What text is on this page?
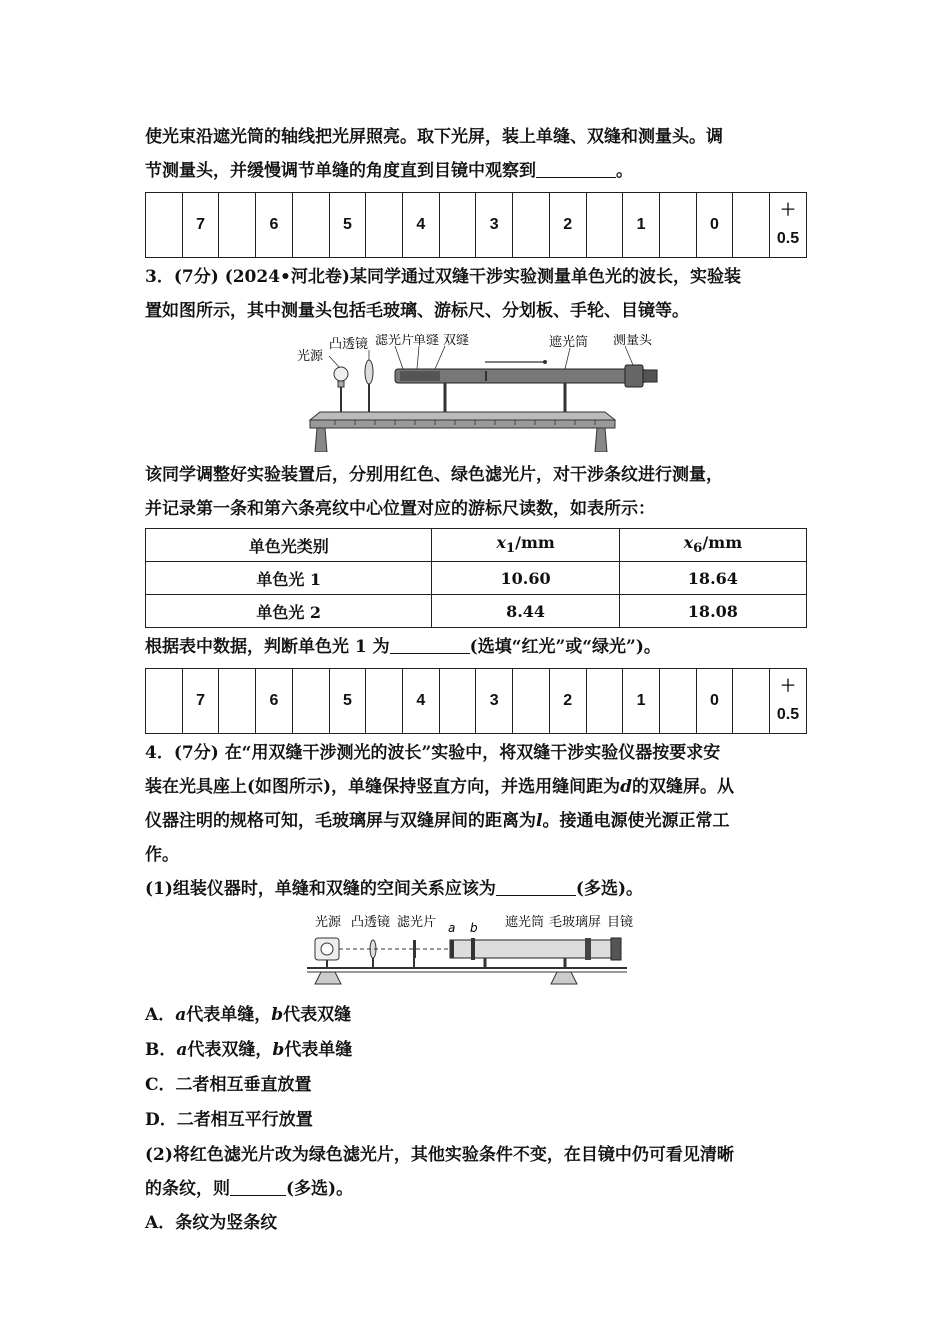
使光束沿遮光筒的轴线把光屏照亮。取下光屏，装上单缝、双缝和测量头。调

节测量头，并缓慢调节单缝的角度直到目镜中观察到	。

	7		6		5		4		3		2		1		0		＋
0.5

3．(7分) (2024•河北卷)某同学通过双缝干涉实验测量单色光的波长，实验装

置如图所示，其中测量头包括毛玻璃、游标尺、分划板、手轮、目镜等。

光源
凸透镜 滤光片
单缝 双缝	遮光筒 测量头

该同学调整好实验装置后，分别用红色、绿色滤光片，对干涉条纹进行测量，

并记录第一条和第六条亮纹中心位置对应的游标尺读数，如表所示：

单色光类别	$x_1/mm$	$x_6/mm$
单色光 1	10.60	18.64
单色光 2	8.44	18.08

根据表中数据，判断单色光 1 为	(选填“红光”或“绿光”)。

	7		6		5		4		3		2		1		0		＋
0.5

4．(7分) 在“用双缝干涉测光的波长”实验中，将双缝干涉实验仪器按要求安

装在光具座上(如图所示)，单缝保持竖直方向，并选用缝间距为d的双缝屏。从

仪器注明的规格可知，毛玻璃屏与双缝屏间的距离为l。接通电源使光源正常工

作。

(1)组装仪器时，单缝和双缝的空间关系应该为	(多选)。

光源 凸透镜 滤光片 a b 遮光筒 毛玻璃屏 目镜

A．a代表单缝，b代表双缝

B．a代表双缝，b代表单缝

C．二者相互垂直放置

D．二者相互平行放置

(2)将红色滤光片改为绿色滤光片，其他实验条件不变，在目镜中仍可看见清晰

的条纹，则	(多选)。

A．条纹为竖条纹
